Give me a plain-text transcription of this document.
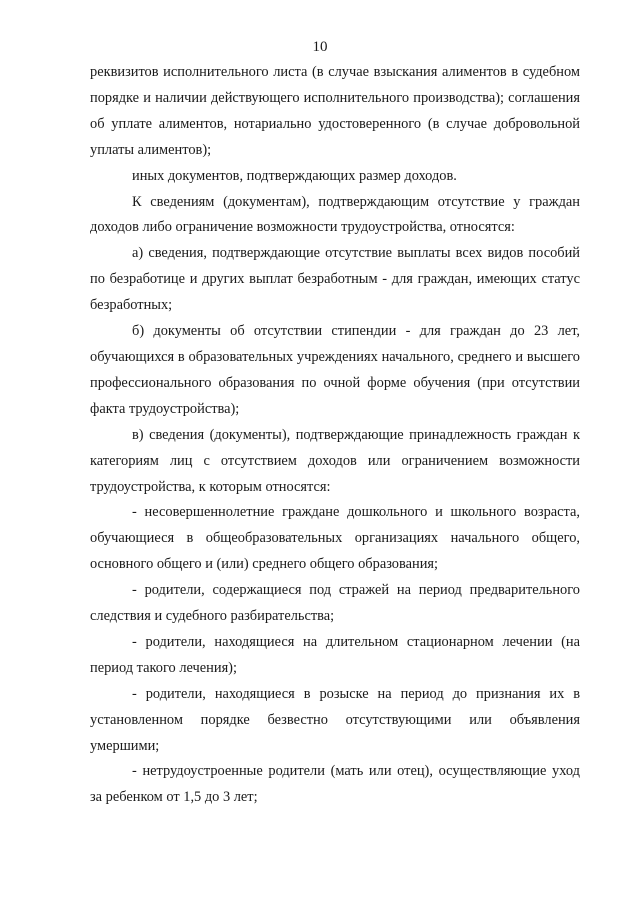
10

реквизитов исполнительного листа (в случае взыскания алиментов в судебном порядке и наличии действующего исполнительного производства); соглашения об уплате алиментов, нотариально удостоверенного (в случае добровольной уплаты алиментов);

иных документов, подтверждающих размер доходов.

К сведениям (документам), подтверждающим отсутствие у граждан доходов либо ограничение возможности трудоустройства, относятся:

а) сведения, подтверждающие отсутствие выплаты всех видов пособий по безработице и других выплат безработным - для граждан, имеющих статус безработных;

б) документы об отсутствии стипендии - для граждан до 23 лет, обучающихся в образовательных учреждениях начального, среднего и высшего профессионального образования по очной форме обучения (при отсутствии факта трудоустройства);

в) сведения (документы), подтверждающие принадлежность граждан к категориям лиц с отсутствием доходов или ограничением возможности трудоустройства, к которым относятся:

- несовершеннолетние граждане дошкольного и школьного возраста, обучающиеся в общеобразовательных организациях начального общего, основного общего и (или) среднего общего образования;

- родители, содержащиеся под стражей на период предварительного следствия и судебного разбирательства;

- родители, находящиеся на длительном стационарном лечении (на период такого лечения);

- родители, находящиеся в розыске на период до признания их в установленном порядке безвестно отсутствующими или объявления умершими;

- нетрудоустроенные родители (мать или отец), осуществляющие уход за ребенком от 1,5 до 3 лет;
